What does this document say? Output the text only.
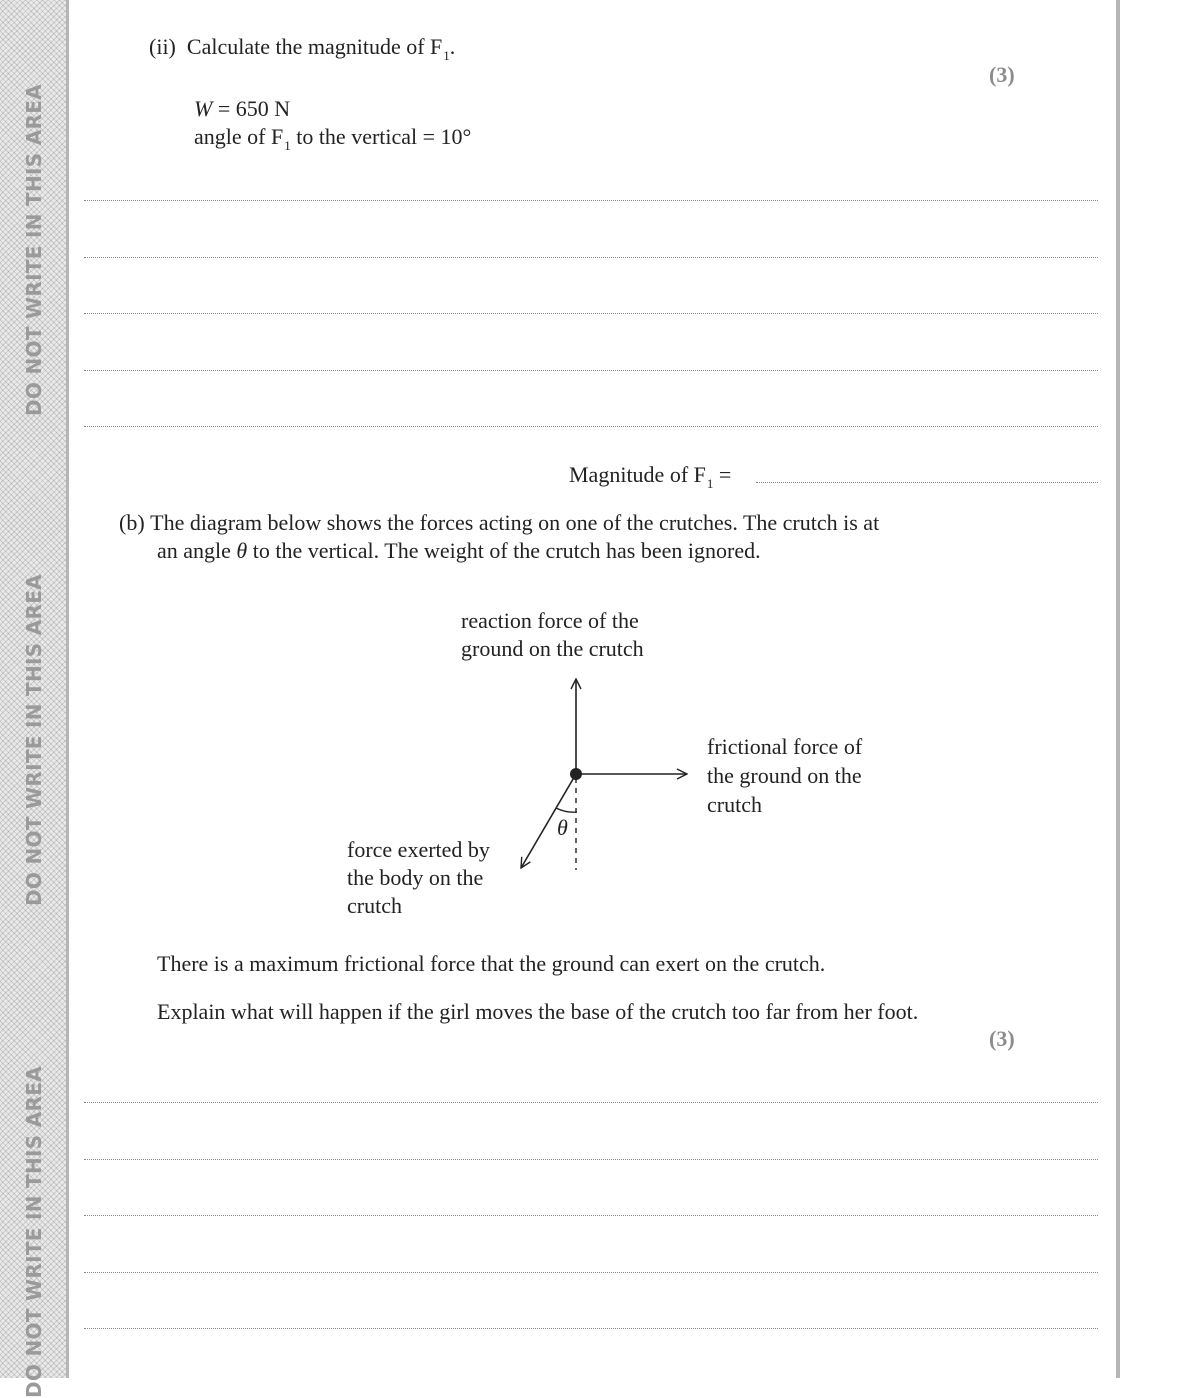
DO NOT WRITE IN THIS AREA
DO NOT WRITE IN THIS AREA
DO NOT WRITE IN THIS AREA
(ii) Calculate the magnitude of $F_1$.
(3)
W = 650 N
angle of $F_1$ to the vertical = 10°
Magnitude of $F_1$ =
(b) The diagram below shows the forces acting on one of the crutches. The crutch is at
an angle θ to the vertical. The weight of the crutch has been ignored.
reaction force of the
ground on the crutch
frictional force of
the ground on the
crutch
force exerted by
the body on the
crutch
θ
There is a maximum frictional force that the ground can exert on the crutch.
Explain what will happen if the girl moves the base of the crutch too far from her foot.
(3)
